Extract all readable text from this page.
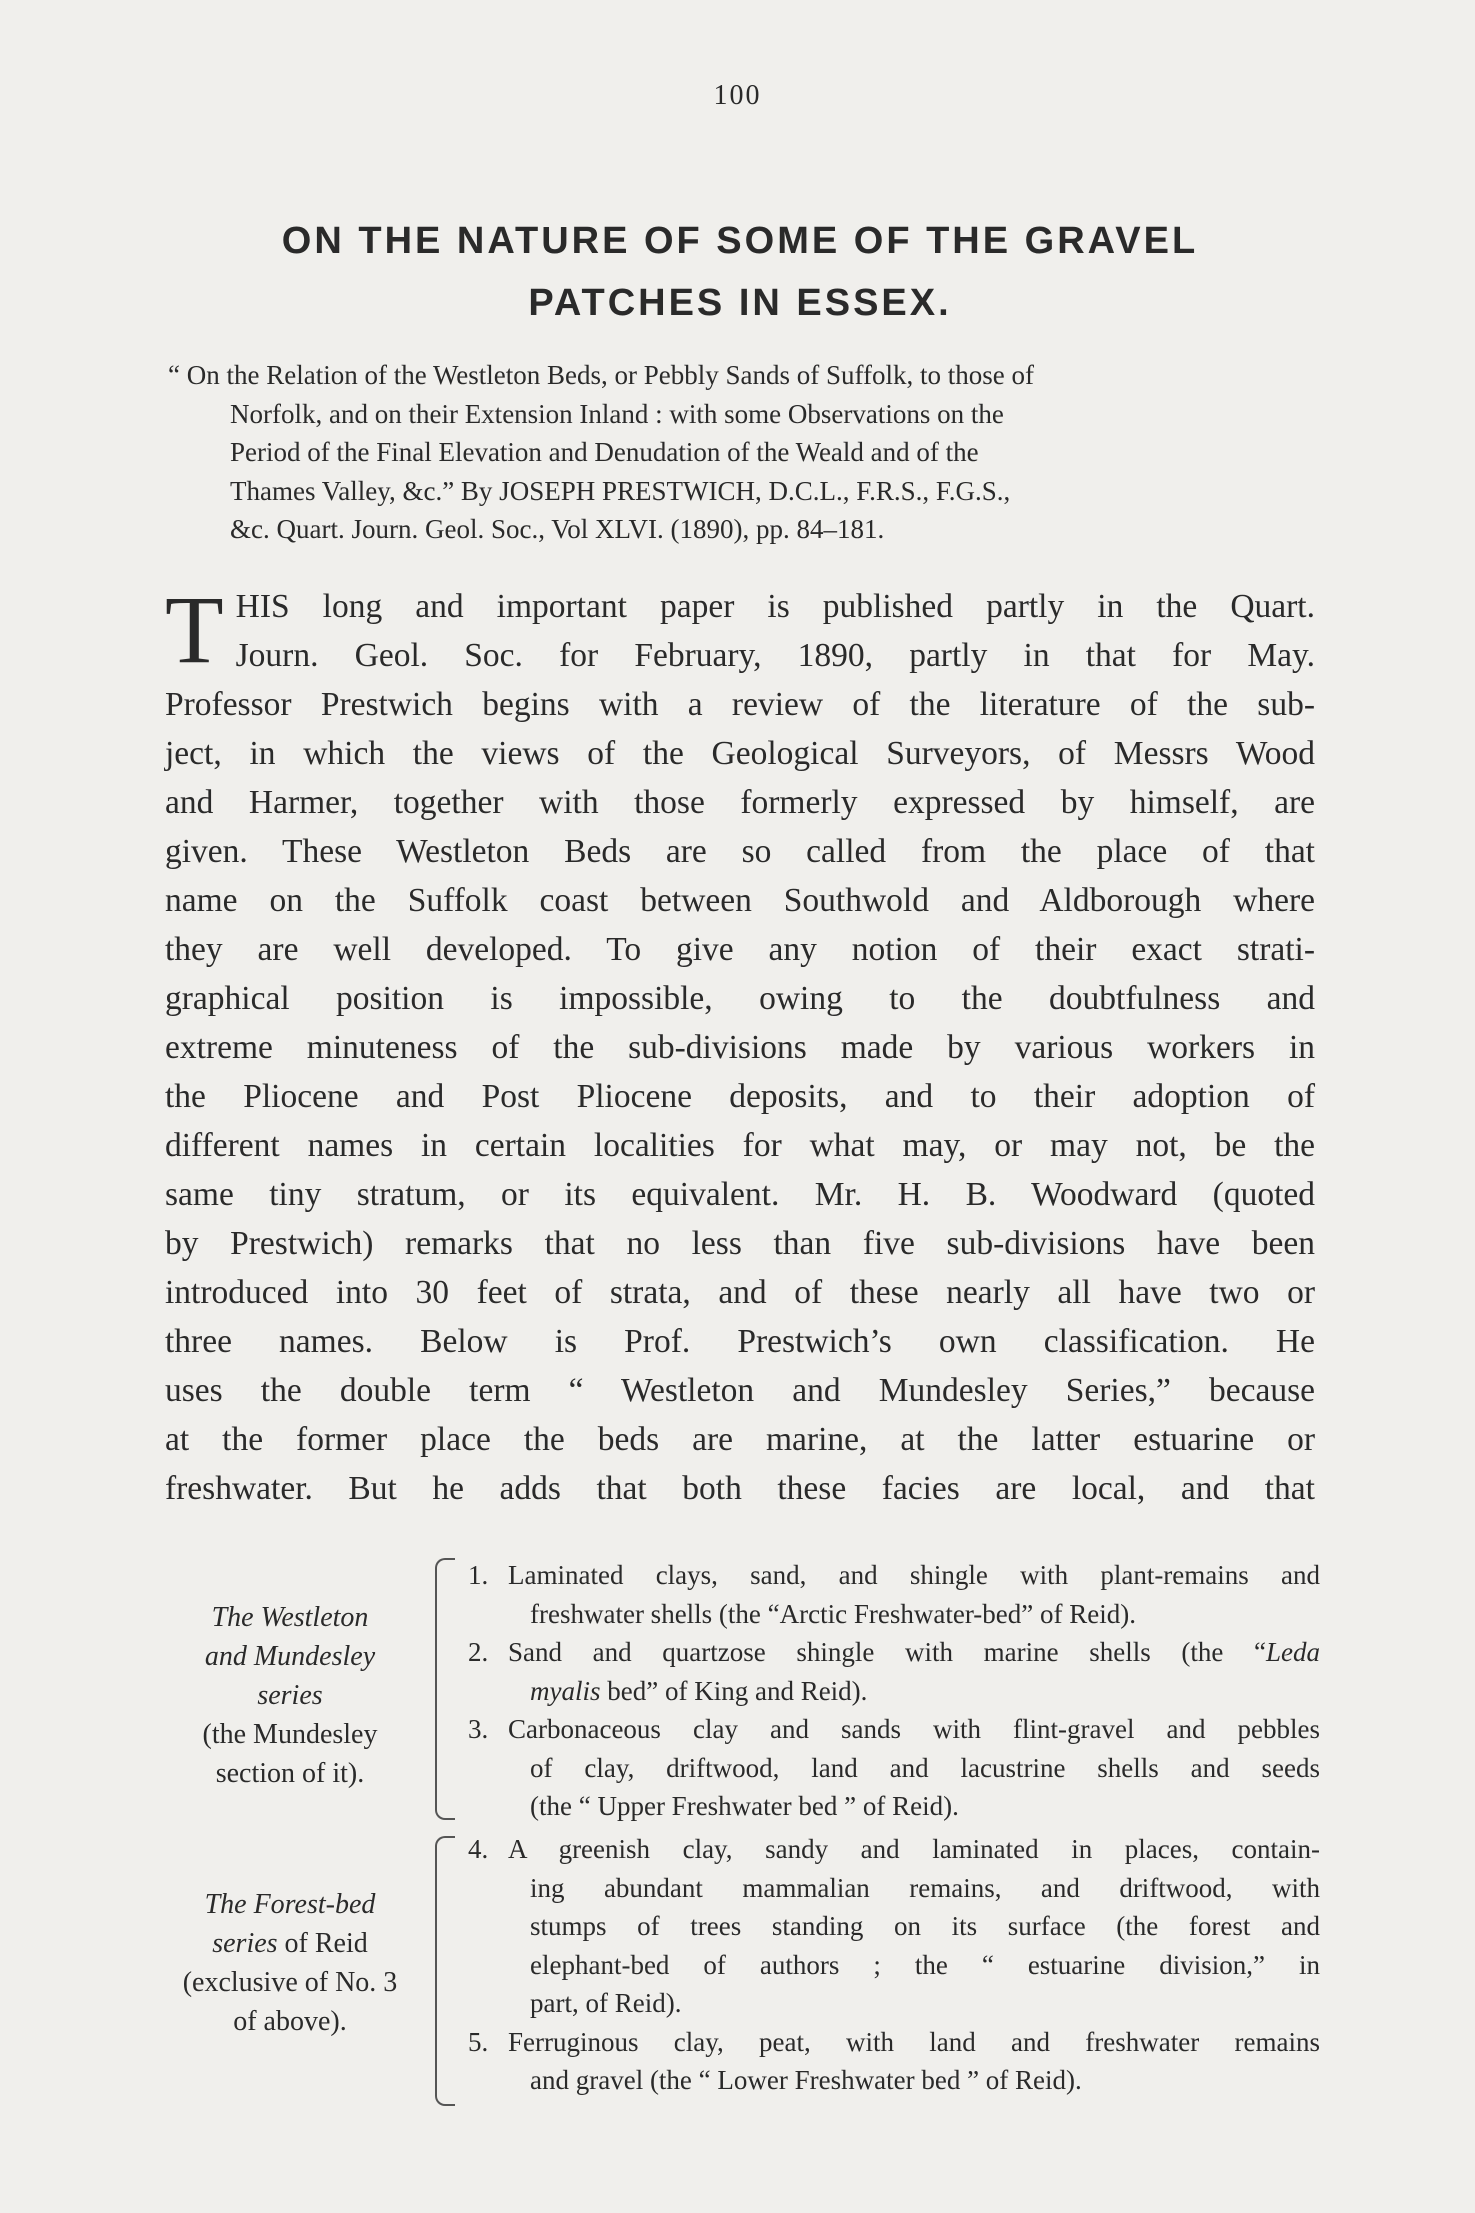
100
ON THE NATURE OF SOME OF THE GRAVEL
PATCHES IN ESSEX.
“ On the Relation of the Westleton Beds, or Pebbly Sands of Suffolk, to those of
Norfolk, and on their Extension Inland : with some Observations on the
Period of the Final Elevation and Denudation of the Weald and of the
Thames Valley, &c.” By JOSEPH PRESTWICH, D.C.L., F.R.S., F.G.S.,
&c. Quart. Journ. Geol. Soc., Vol XLVI. (1890), pp. 84–181.
T HIS long and important paper is published partly in the Quart.
Journ. Geol. Soc. for February, 1890, partly in that for May.
Professor Prestwich begins with a review of the literature of the sub-
ject, in which the views of the Geological Surveyors, of Messrs Wood
and Harmer, together with those formerly expressed by himself, are
given. These Westleton Beds are so called from the place of that
name on the Suffolk coast between Southwold and Aldborough where
they are well developed. To give any notion of their exact strati-
graphical position is impossible, owing to the doubtfulness and
extreme minuteness of the sub-divisions made by various workers in
the Pliocene and Post Pliocene deposits, and to their adoption of
different names in certain localities for what may, or may not, be the
same tiny stratum, or its equivalent. Mr. H. B. Woodward (quoted
by Prestwich) remarks that no less than five sub-divisions have been
introduced into 30 feet of strata, and of these nearly all have two or
three names. Below is Prof. Prestwich’s own classification. He
uses the double term “ Westleton and Mundesley Series,” because
at the former place the beds are marine, at the latter estuarine or
freshwater. But he adds that both these facies are local, and that
The Westleton
and Mundesley
series
(the Mundesley
section of it).
The Forest-bed
series of Reid
(exclusive of No. 3
of above).
1. Laminated clays, sand, and shingle with plant-remains and
freshwater shells (the “Arctic Freshwater-bed” of Reid).
2. Sand and quartzose shingle with marine shells (the “Leda
myalis bed” of King and Reid).
3. Carbonaceous clay and sands with flint-gravel and pebbles
of clay, driftwood, land and lacustrine shells and seeds
(the “ Upper Freshwater bed ” of Reid).
4. A greenish clay, sandy and laminated in places, contain-
ing abundant mammalian remains, and driftwood, with
stumps of trees standing on its surface (the forest and
elephant-bed of authors ; the “ estuarine division,” in
part, of Reid).
5. Ferruginous clay, peat, with land and freshwater remains
and gravel (the “ Lower Freshwater bed ” of Reid).
